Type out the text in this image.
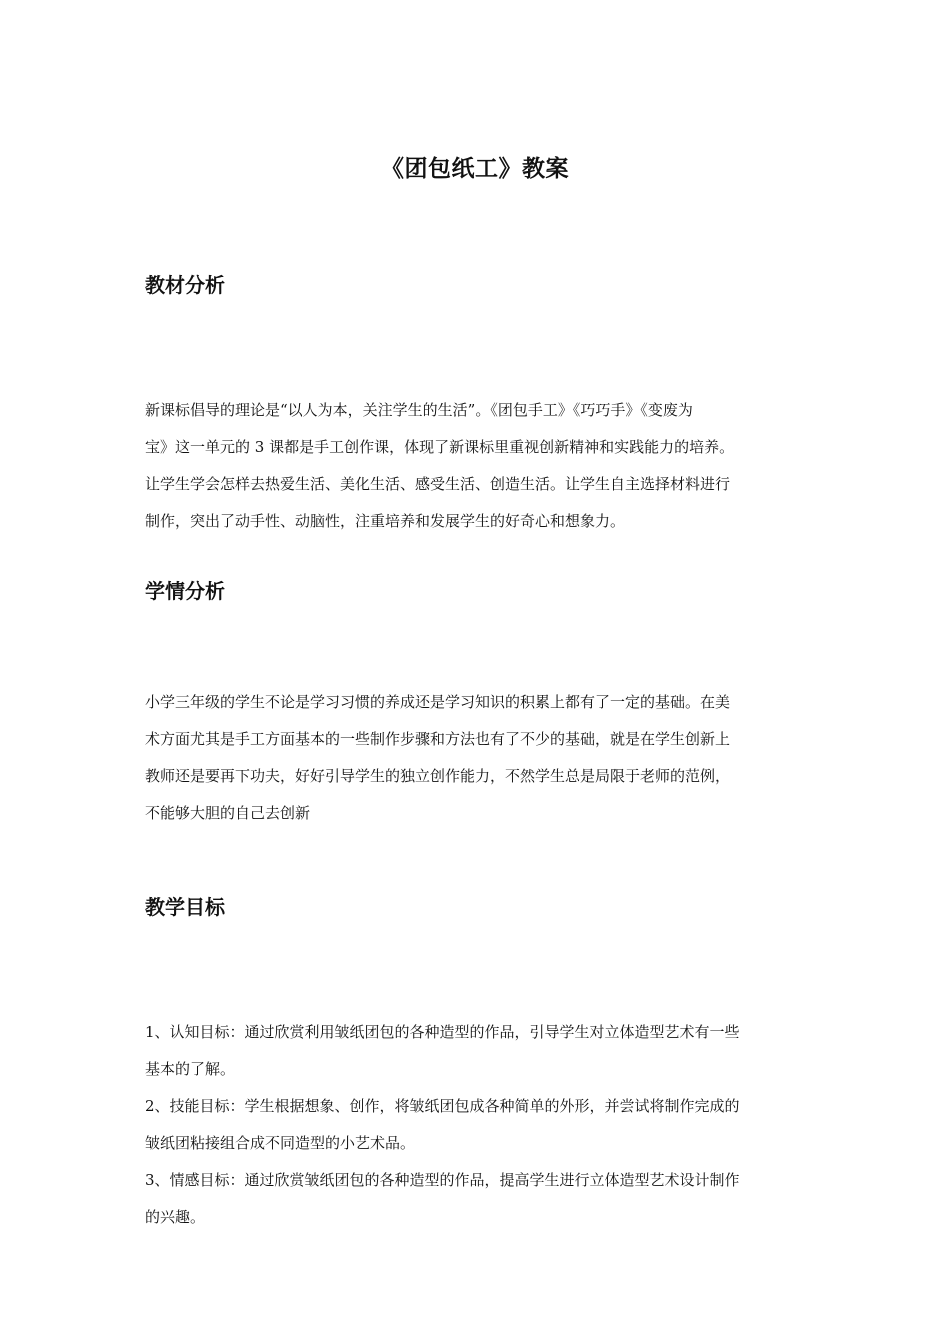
《团包纸工》教案
教材分析
新课标倡导的理论是“以人为本，关注学生的生活”。《团包手工》《巧巧手》《变废为
宝》这一单元的 3 课都是手工创作课，体现了新课标里重视创新精神和实践能力的培养。
让学生学会怎样去热爱生活、美化生活、感受生活、创造生活。让学生自主选择材料进行
制作，突出了动手性、动脑性，注重培养和发展学生的好奇心和想象力。
学情分析
小学三年级的学生不论是学习习惯的养成还是学习知识的积累上都有了一定的基础。在美
术方面尤其是手工方面基本的一些制作步骤和方法也有了不少的基础，就是在学生创新上
教师还是要再下功夫，好好引导学生的独立创作能力，不然学生总是局限于老师的范例，
不能够大胆的自己去创新
教学目标
1、认知目标：通过欣赏利用皱纸团包的各种造型的作品，引导学生对立体造型艺术有一些
基本的了解。
2、技能目标：学生根据想象、创作，将皱纸团包成各种简单的外形，并尝试将制作完成的
皱纸团粘接组合成不同造型的小艺术品。
3、情感目标：通过欣赏皱纸团包的各种造型的作品，提高学生进行立体造型艺术设计制作
的兴趣。
